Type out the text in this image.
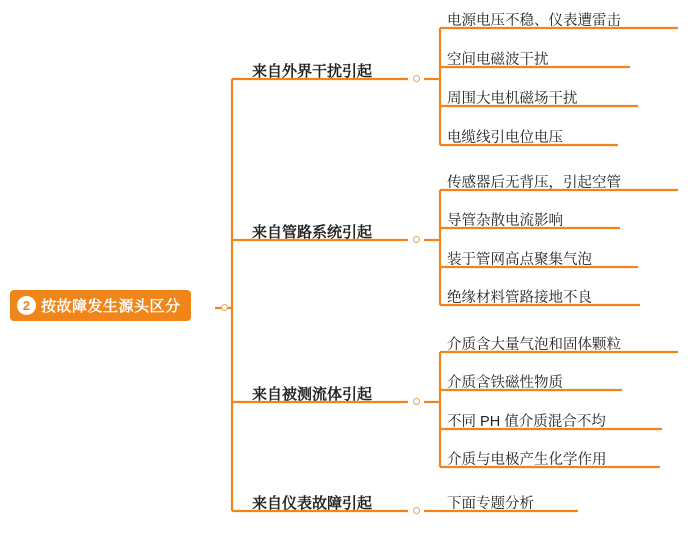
2 按故障发生源头区分
来自外界干扰引起
电源电压不稳、仪表遭雷击
空间电磁波干扰
周围大电机磁场干扰
电缆线引电位电压
来自管路系统引起
传感器后无背压，引起空管
导管杂散电流影响
装于管网高点聚集气泡
绝缘材料管路接地不良
来自被测流体引起
介质含大量气泡和固体颗粒
介质含铁磁性物质
不同 PH 值介质混合不均
介质与电极产生化学作用
来自仪表故障引起	下面专题分析
